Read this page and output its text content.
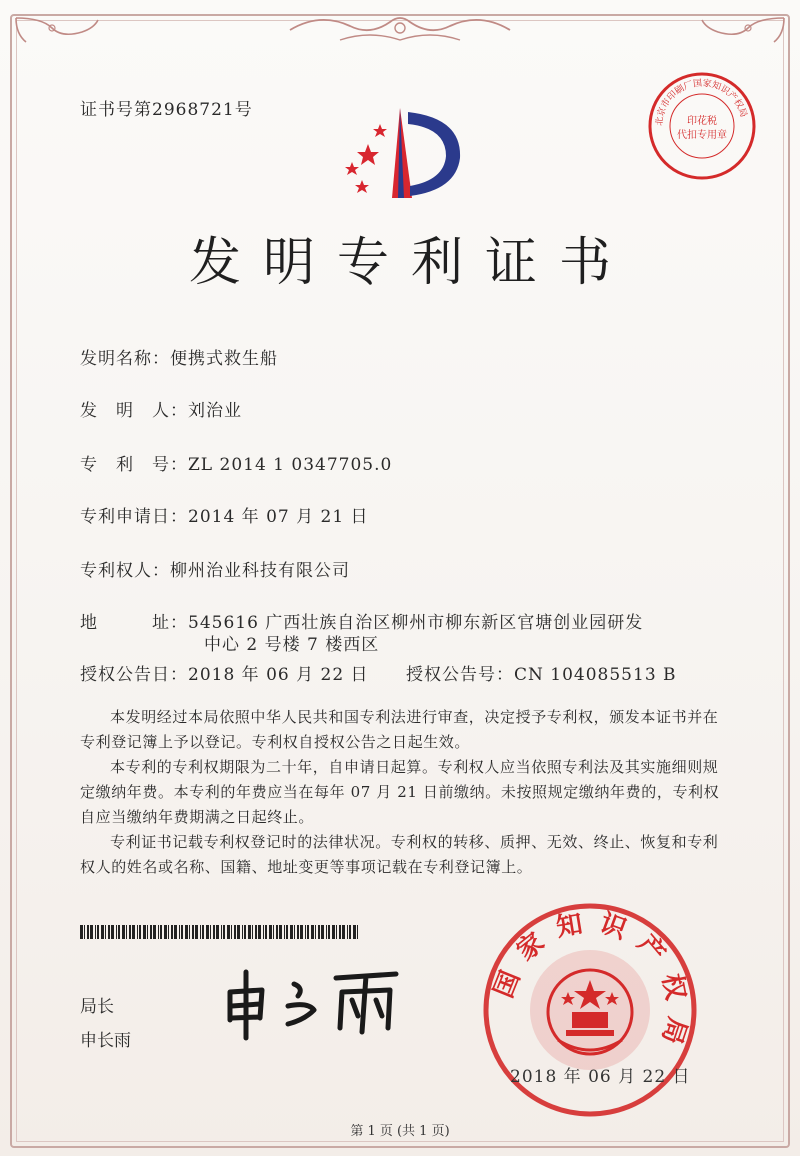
证书号第2968721号
北京市印刷厂国家知识产权局
印花税
代扣专用章
发明专利证书
发明名称：便携式救生船
发　明　人：刘治业
专　利　号：ZL 2014 1 0347705.0
专利申请日：2014 年 07 月 21 日
专利权人：柳州治业科技有限公司
地　　　址：545616 广西壮族自治区柳州市柳东新区官塘创业园研发
中心 2 号楼 7 楼西区
授权公告日：2018 年 06 月 22 日 授权公告号：CN 104085513 B

本发明经过本局依照中华人民共和国专利法进行审查，决定授予专利权，颁发本证书并在专利登记簿上予以登记。专利权自授权公告之日起生效。

本专利的专利权期限为二十年，自申请日起算。专利权人应当依照专利法及其实施细则规定缴纳年费。本专利的年费应当在每年 07 月 21 日前缴纳。未按照规定缴纳年费的，专利权自应当缴纳年费期满之日起终止。

专利证书记载专利权登记时的法律状况。专利权的转移、质押、无效、终止、恢复和专利权人的姓名或名称、国籍、地址变更等事项记载在专利登记簿上。

局长
申长雨
国家知识产权局
2018 年 06 月 22 日
第 1 页 (共 1 页)
